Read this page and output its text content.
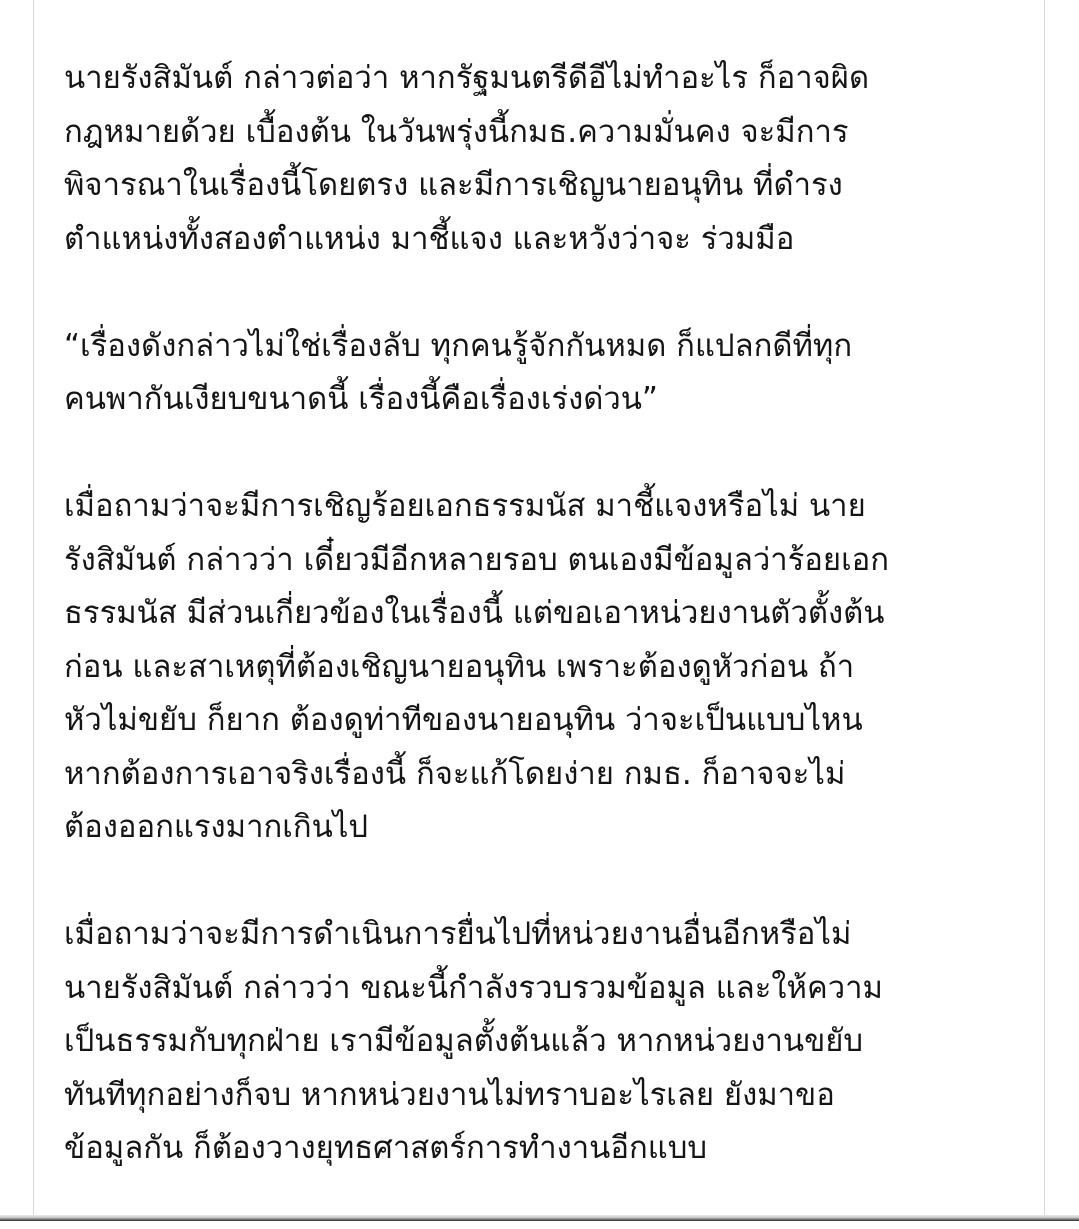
นายรังสิมันต์ กล่าวต่อว่า หากรัฐมนตรีดีอีไม่ทำอะไร ก็อาจผิด
กฎหมายด้วย เบื้องต้น ในวันพรุ่งนี้กมธ.ความมั่นคง จะมีการ
พิจารณาในเรื่องนี้โดยตรง และมีการเชิญนายอนุทิน ที่ดำรง
ตำแหน่งทั้งสองตำแหน่ง มาชี้แจง และหวังว่าจะ ร่วมมือ

“เรื่องดังกล่าวไม่ใช่เรื่องลับ ทุกคนรู้จักกันหมด ก็แปลกดีที่ทุก
คนพากันเงียบขนาดนี้ เรื่องนี้คือเรื่องเร่งด่วน”

เมื่อถามว่าจะมีการเชิญร้อยเอกธรรมนัส มาชี้แจงหรือไม่ นาย
รังสิมันต์ กล่าวว่า เดี๋ยวมีอีกหลายรอบ ตนเองมีข้อมูลว่าร้อยเอก
ธรรมนัส มีส่วนเกี่ยวข้องในเรื่องนี้ แต่ขอเอาหน่วยงานตัวตั้งต้น
ก่อน และสาเหตุที่ต้องเชิญนายอนุทิน เพราะต้องดูหัวก่อน ถ้า
หัวไม่ขยับ ก็ยาก ต้องดูท่าทีของนายอนุทิน ว่าจะเป็นแบบไหน
หากต้องการเอาจริงเรื่องนี้ ก็จะแก้โดยง่าย กมธ. ก็อาจจะไม่
ต้องออกแรงมากเกินไป

เมื่อถามว่าจะมีการดำเนินการยื่นไปที่หน่วยงานอื่นอีกหรือไม่
นายรังสิมันต์ กล่าวว่า ขณะนี้กำลังรวบรวมข้อมูล และให้ความ
เป็นธรรมกับทุกฝ่าย เรามีข้อมูลตั้งต้นแล้ว หากหน่วยงานขยับ
ทันทีทุกอย่างก็จบ หากหน่วยงานไม่ทราบอะไรเลย ยังมาขอ
ข้อมูลกัน ก็ต้องวางยุทธศาสตร์การทำงานอีกแบบ
